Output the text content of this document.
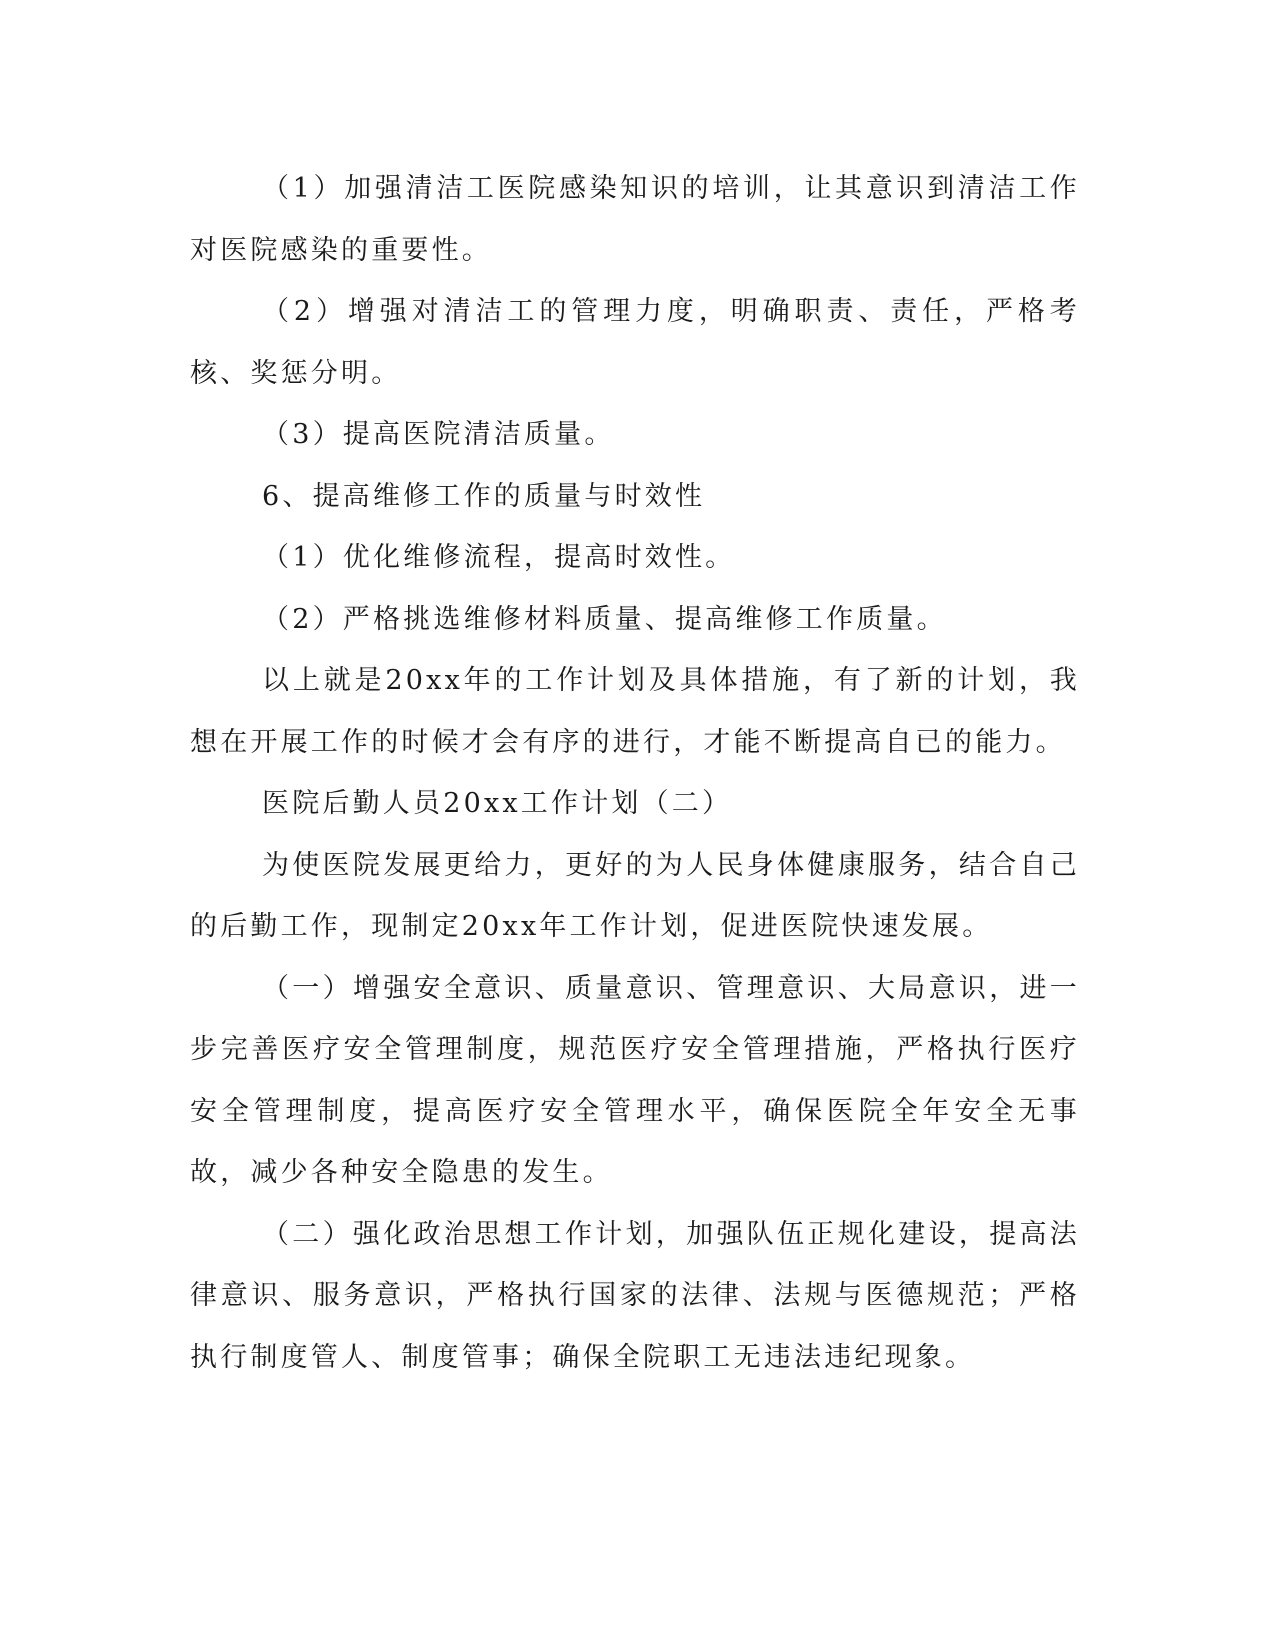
（1）加强清洁工医院感染知识的培训，让其意识到清洁工作对医院感染的重要性。

（2）增强对清洁工的管理力度，明确职责、责任，严格考核、奖惩分明。

（3）提高医院清洁质量。

6、提高维修工作的质量与时效性

（1）优化维修流程，提高时效性。

（2）严格挑选维修材料质量、提高维修工作质量。

以上就是20xx年的工作计划及具体措施，有了新的计划，我想在开展工作的时候才会有序的进行，才能不断提高自已的能力。

医院后勤人员20xx工作计划（二）

为使医院发展更给力，更好的为人民身体健康服务，结合自己的后勤工作，现制定20xx年工作计划，促进医院快速发展。

（一）增强安全意识、质量意识、管理意识、大局意识，进一步完善医疗安全管理制度，规范医疗安全管理措施，严格执行医疗安全管理制度，提高医疗安全管理水平，确保医院全年安全无事故，减少各种安全隐患的发生。

（二）强化政治思想工作计划，加强队伍正规化建设，提高法律意识、服务意识，严格执行国家的法律、法规与医德规范；严格执行制度管人、制度管事；确保全院职工无违法违纪现象。
